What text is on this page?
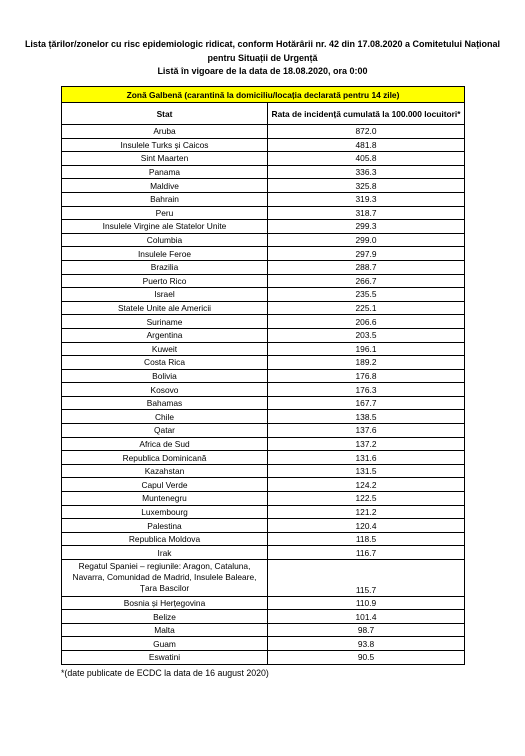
Lista țărilor/zonelor cu risc epidemiologic ridicat, conform Hotărârii nr. 42 din 17.08.2020 a Comitetului Național
pentru Situații de Urgență
Listă în vigoare de la data de 18.08.2020, ora 0:00
Zonă Galbenă (carantină la domiciliu/locația declarată pentru 14 zile)	
Stat	Rata de incidență cumulată la 100.000 locuitori*
Aruba	872.0
Insulele Turks și Caicos	481.8
Sint Maarten	405.8
Panama	336.3
Maldive	325.8
Bahrain	319.3
Peru	318.7
Insulele Virgine ale Statelor Unite	299.3
Columbia	299.0
Insulele Feroe	297.9
Brazilia	288.7
Puerto Rico	266.7
Israel	235.5
Statele Unite ale Americii	225.1
Suriname	206.6
Argentina	203.5
Kuweit	196.1
Costa Rica	189.2
Bolivia	176.8
Kosovo	176.3
Bahamas	167.7
Chile	138.5
Qatar	137.6
Africa de Sud	137.2
Republica Dominicană	131.6
Kazahstan	131.5
Capul Verde	124.2
Muntenegru	122.5
Luxembourg	121.2
Palestina	120.4
Republica Moldova	118.5
Irak	116.7
Regatul Spaniei – regiunile: Aragon, Cataluna, Navarra, Comunidad de Madrid, Insulele Baleare, Țara Bascilor	115.7
Bosnia și Herțegovina	110.9
Belize	101.4
Malta	98.7
Guam	93.8
Eswatini	90.5
*(date publicate de ECDC la data de 16 august 2020)
